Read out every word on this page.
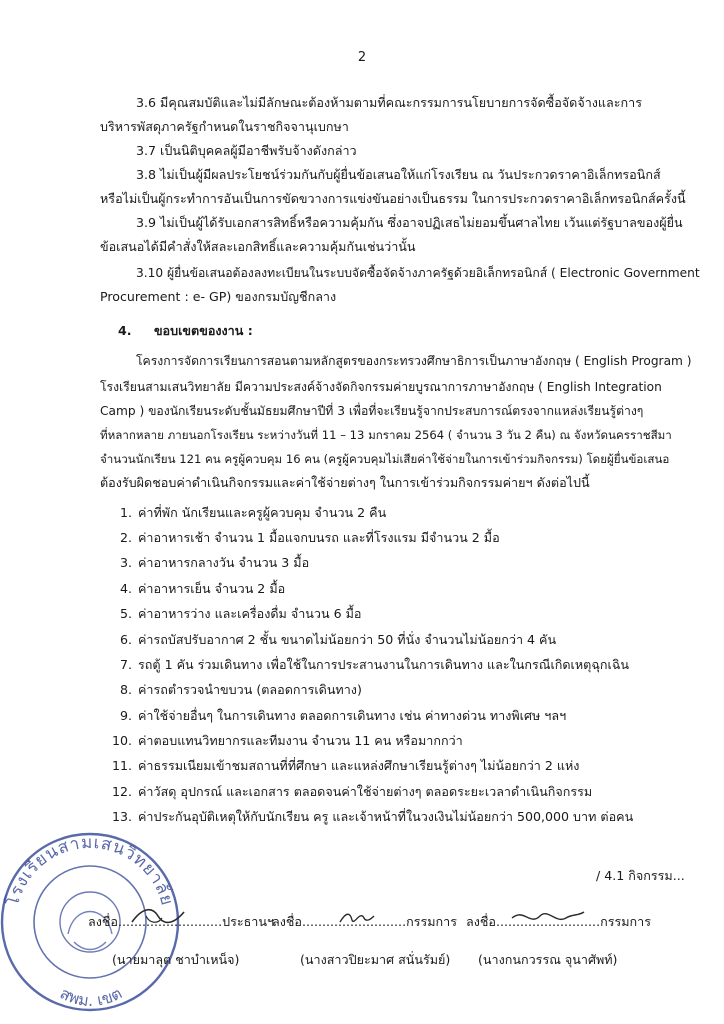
2
3.6 มีคุณสมบัติและไม่มีลักษณะต้องห้ามตามที่คณะกรรมการนโยบายการจัดซื้อจัดจ้างและการ
บริหารพัสดุภาครัฐกำหนดในราชกิจจานุเบกษา
3.7 เป็นนิติบุคคลผู้มีอาชีพรับจ้างดังกล่าว
3.8 ไม่เป็นผู้มีผลประโยชน์ร่วมกันกับผู้ยื่นข้อเสนอให้แก่โรงเรียน ณ วันประกวดราคาอิเล็กทรอนิกส์
หรือไม่เป็นผู้กระทำการอันเป็นการขัดขวางการแข่งขันอย่างเป็นธรรม ในการประกวดราคาอิเล็กทรอนิกส์ครั้งนี้
3.9 ไม่เป็นผู้ได้รับเอกสารสิทธิ์หรือความคุ้มกัน ซึ่งอาจปฏิเสธไม่ยอมขึ้นศาลไทย เว้นแต่รัฐบาลของผู้ยื่น
ข้อเสนอได้มีคำสั่งให้สละเอกสิทธิ์และความคุ้มกันเช่นว่านั้น
3.10 ผู้ยื่นข้อเสนอต้องลงทะเบียนในระบบจัดซื้อจัดจ้างภาครัฐด้วยอิเล็กทรอนิกส์ ( Electronic Government
Procurement : e- GP) ของกรมบัญชีกลาง
4. ขอบเขตของงาน :
โครงการจัดการเรียนการสอนตามหลักสูตรของกระทรวงศึกษาธิการเป็นภาษาอังกฤษ ( English Program )
โรงเรียนสามเสนวิทยาลัย มีความประสงค์จ้างจัดกิจกรรมค่ายบูรณาการภาษาอังกฤษ ( English Integration
Camp ) ของนักเรียนระดับชั้นมัธยมศึกษาปีที่ 3 เพื่อที่จะเรียนรู้จากประสบการณ์ตรงจากแหล่งเรียนรู้ต่างๆ
ที่หลากหลาย ภายนอกโรงเรียน ระหว่างวันที่ 11 – 13 มกราคม 2564 ( จำนวน 3 วัน 2 คืน) ณ จังหวัดนครราชสีมา
จำนวนนักเรียน 121 คน ครูผู้ควบคุม 16 คน (ครูผู้ควบคุมไม่เสียค่าใช้จ่ายในการเข้าร่วมกิจกรรม) โดยผู้ยื่นข้อเสนอ
ต้องรับผิดชอบค่าดำเนินกิจกรรมและค่าใช้จ่ายต่างๆ ในการเข้าร่วมกิจกรรมค่ายฯ ดังต่อไปนี้
1. ค่าที่พัก นักเรียนและครูผู้ควบคุม จำนวน 2 คืน
2. ค่าอาหารเช้า จำนวน 1 มื้อแจกบนรถ และที่โรงแรม มีจำนวน 2 มื้อ
3. ค่าอาหารกลางวัน จำนวน 3 มื้อ
4. ค่าอาหารเย็น จำนวน 2 มื้อ
5. ค่าอาหารว่าง และเครื่องดื่ม จำนวน 6 มื้อ
6. ค่ารถบัสปรับอากาศ 2 ชั้น ขนาดไม่น้อยกว่า 50 ที่นั่ง จำนวนไม่น้อยกว่า 4 คัน
7. รถตู้ 1 คัน ร่วมเดินทาง เพื่อใช้ในการประสานงานในการเดินทาง และในกรณีเกิดเหตุฉุกเฉิน
8. ค่ารถตำรวจนำขบวน (ตลอดการเดินทาง)
9. ค่าใช้จ่ายอื่นๆ ในการเดินทาง ตลอดการเดินทาง เช่น ค่าทางด่วน ทางพิเศษ ฯลฯ
10. ค่าตอบแทนวิทยากรและทีมงาน จำนวน 11 คน หรือมากกว่า
11. ค่าธรรมเนียมเข้าชมสถานที่ที่ศึกษา และแหล่งศึกษาเรียนรู้ต่างๆ ไม่น้อยกว่า 2 แห่ง
12. ค่าวัสดุ อุปกรณ์ และเอกสาร ตลอดจนค่าใช้จ่ายต่างๆ ตลอดระยะเวลาดำเนินกิจกรรม
13. ค่าประกันอุบัติเหตุให้กับนักเรียน ครู และเจ้าหน้าที่ในวงเงินไม่น้อยกว่า 500,000 บาท ต่อคน
/ 4.1 กิจกรรม...
โรงเรียนสามเสนวิทยาลัย
สพม. เขต
ลงชื่อ..........................ประธานฯ
ลงชื่อ..........................กรรมการ ลงชื่อ..........................กรรมการ
(นายมาลุต ชาบำเหน็จ)	(นางสาวปิยะมาศ สนั่นรัมย์) (นางกนกวรรณ จุนาศัพท์)
